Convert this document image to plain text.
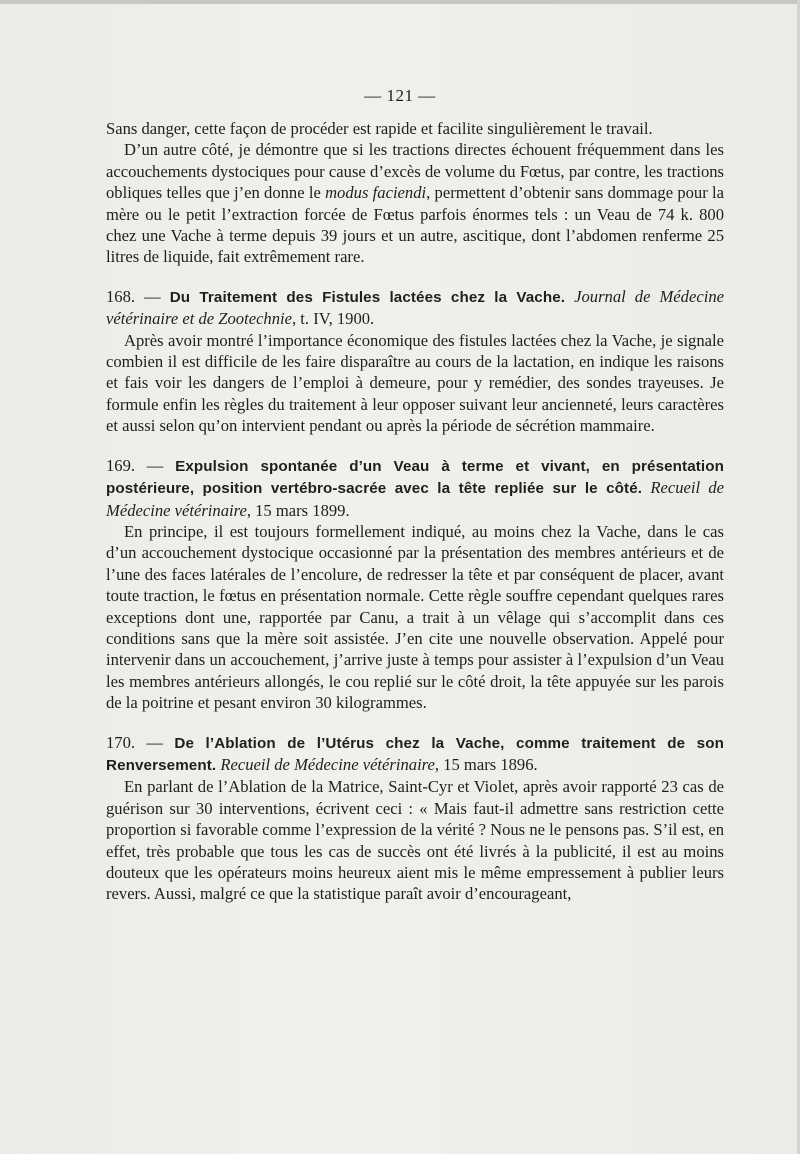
— 121 —

Sans danger, cette façon de procéder est rapide et facilite singulièrement le travail.

D’un autre côté, je démontre que si les tractions directes échouent fréquemment dans les accouchements dystociques pour cause d’excès de volume du Fœtus, par contre, les tractions obliques telles que j’en donne le modus faciendi, permettent d’obtenir sans dommage pour la mère ou le petit l’extraction forcée de Fœtus parfois énormes tels : un Veau de 74 k. 800 chez une Vache à terme depuis 39 jours et un autre, ascitique, dont l’abdomen renferme 25 litres de liquide, fait extrêmement rare.

168. — Du Traitement des Fistules lactées chez la Vache. Journal de Médecine vétérinaire et de Zootechnie, t. IV, 1900.

Après avoir montré l’importance économique des fistules lactées chez la Vache, je signale combien il est difficile de les faire disparaître au cours de la lactation, en indique les raisons et fais voir les dangers de l’emploi à demeure, pour y remédier, des sondes trayeuses. Je formule enfin les règles du traitement à leur opposer suivant leur ancienneté, leurs caractères et aussi selon qu’on intervient pendant ou après la période de sécrétion mammaire.

169. — Expulsion spontanée d’un Veau à terme et vivant, en présentation postérieure, position vertébro-sacrée avec la tête repliée sur le côté. Recueil de Médecine vétérinaire, 15 mars 1899.

En principe, il est toujours formellement indiqué, au moins chez la Vache, dans le cas d’un accouchement dystocique occasionné par la présentation des membres antérieurs et de l’une des faces latérales de l’encolure, de redresser la tête et par conséquent de placer, avant toute traction, le fœtus en présentation normale. Cette règle souffre cependant quelques rares exceptions dont une, rapportée par Canu, a trait à un vêlage qui s’accomplit dans ces conditions sans que la mère soit assistée. J’en cite une nouvelle observation. Appelé pour intervenir dans un accouchement, j’arrive juste à temps pour assister à l’expulsion d’un Veau les membres antérieurs allongés, le cou replié sur le côté droit, la tête appuyée sur les parois de la poitrine et pesant environ 30 kilogrammes.

170. — De l’Ablation de l’Utérus chez la Vache, comme traitement de son Renversement. Recueil de Médecine vétérinaire, 15 mars 1896.

En parlant de l’Ablation de la Matrice, Saint-Cyr et Violet, après avoir rapporté 23 cas de guérison sur 30 interventions, écrivent ceci : « Mais faut-il admettre sans restriction cette proportion si favorable comme l’expression de la vérité ? Nous ne le pensons pas. S’il est, en effet, très probable que tous les cas de succès ont été livrés à la publicité, il est au moins douteux que les opérateurs moins heureux aient mis le même empressement à publier leurs revers. Aussi, malgré ce que la statistique paraît avoir d’encourageant,
